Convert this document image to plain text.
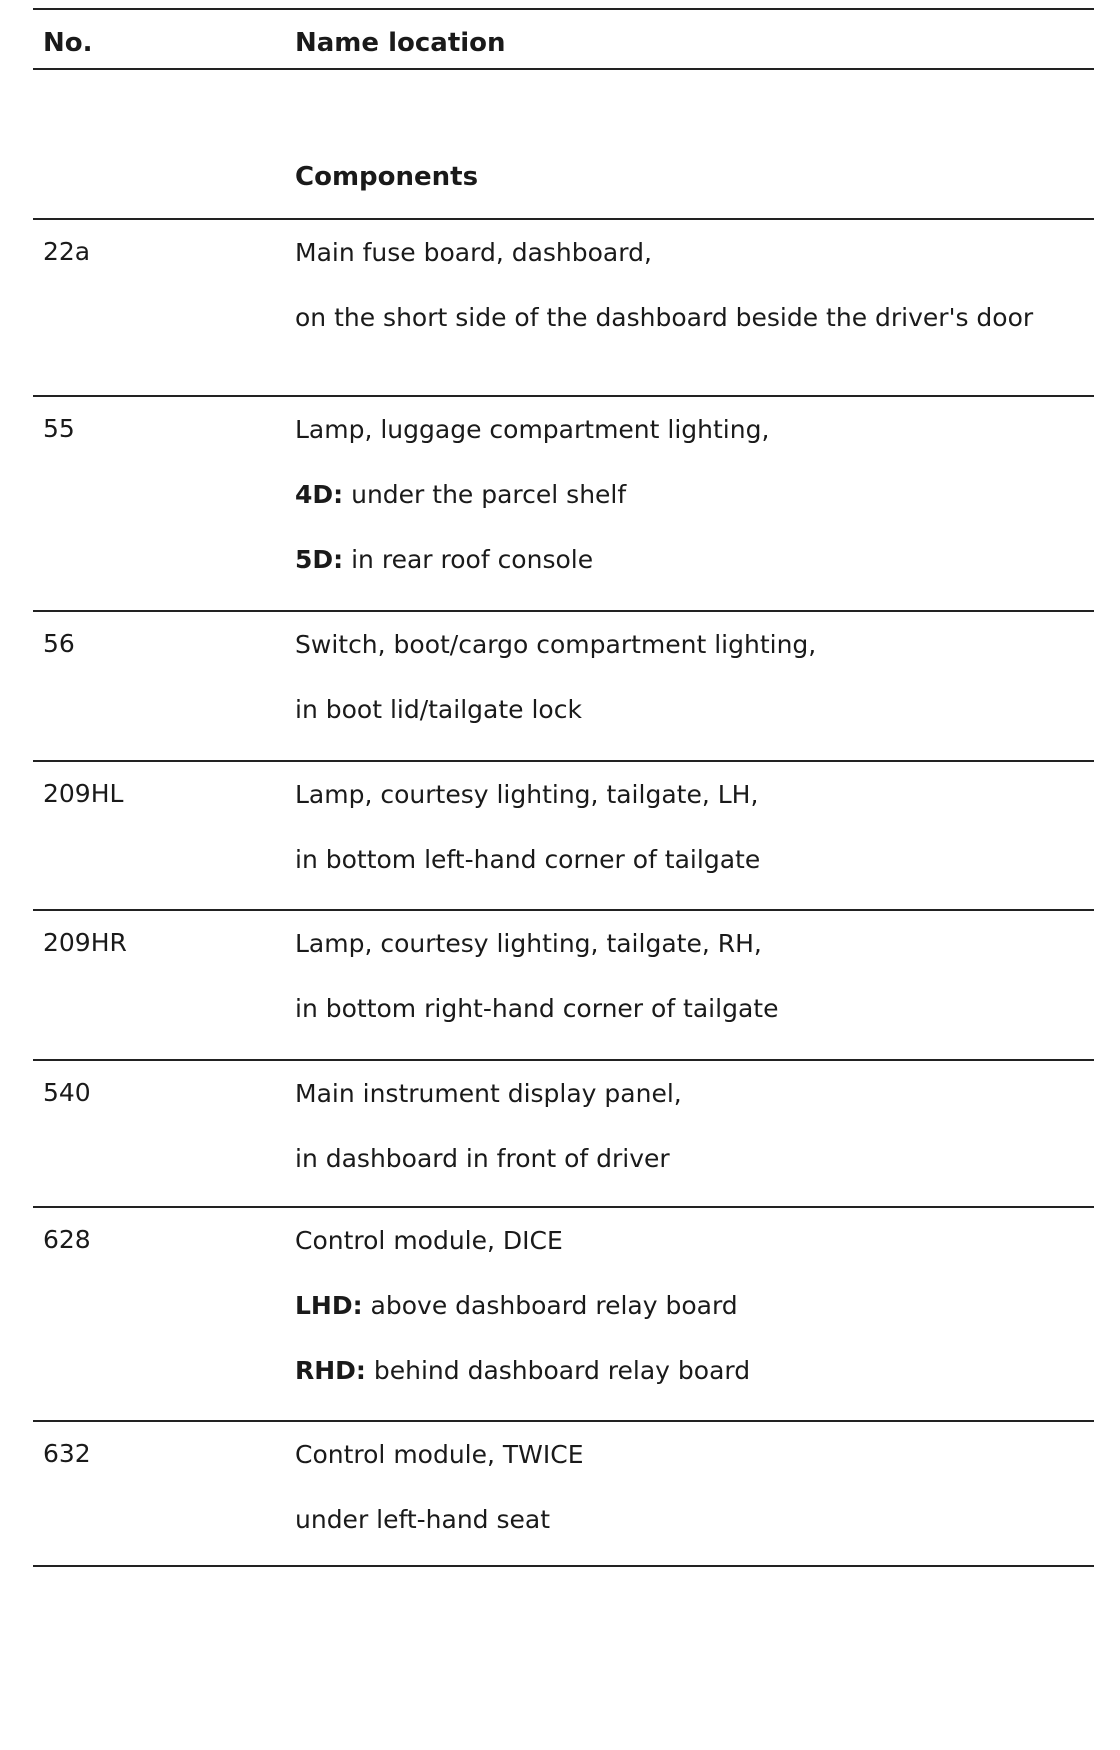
No.	Name location
Components
22a	Main fuse board, dashboard,
on the short side of the dashboard beside the driver's door
55	Lamp, luggage compartment lighting,
4D: under the parcel shelf
5D: in rear roof console
56	Switch, boot/cargo compartment lighting,
in boot lid/tailgate lock
209HL	Lamp, courtesy lighting, tailgate, LH,
in bottom left-hand corner of tailgate
209HR	Lamp, courtesy lighting, tailgate, RH,
in bottom right-hand corner of tailgate
540	Main instrument display panel,
in dashboard in front of driver
628	Control module, DICE
LHD: above dashboard relay board
RHD: behind dashboard relay board
632	Control module, TWICE
under left-hand seat
